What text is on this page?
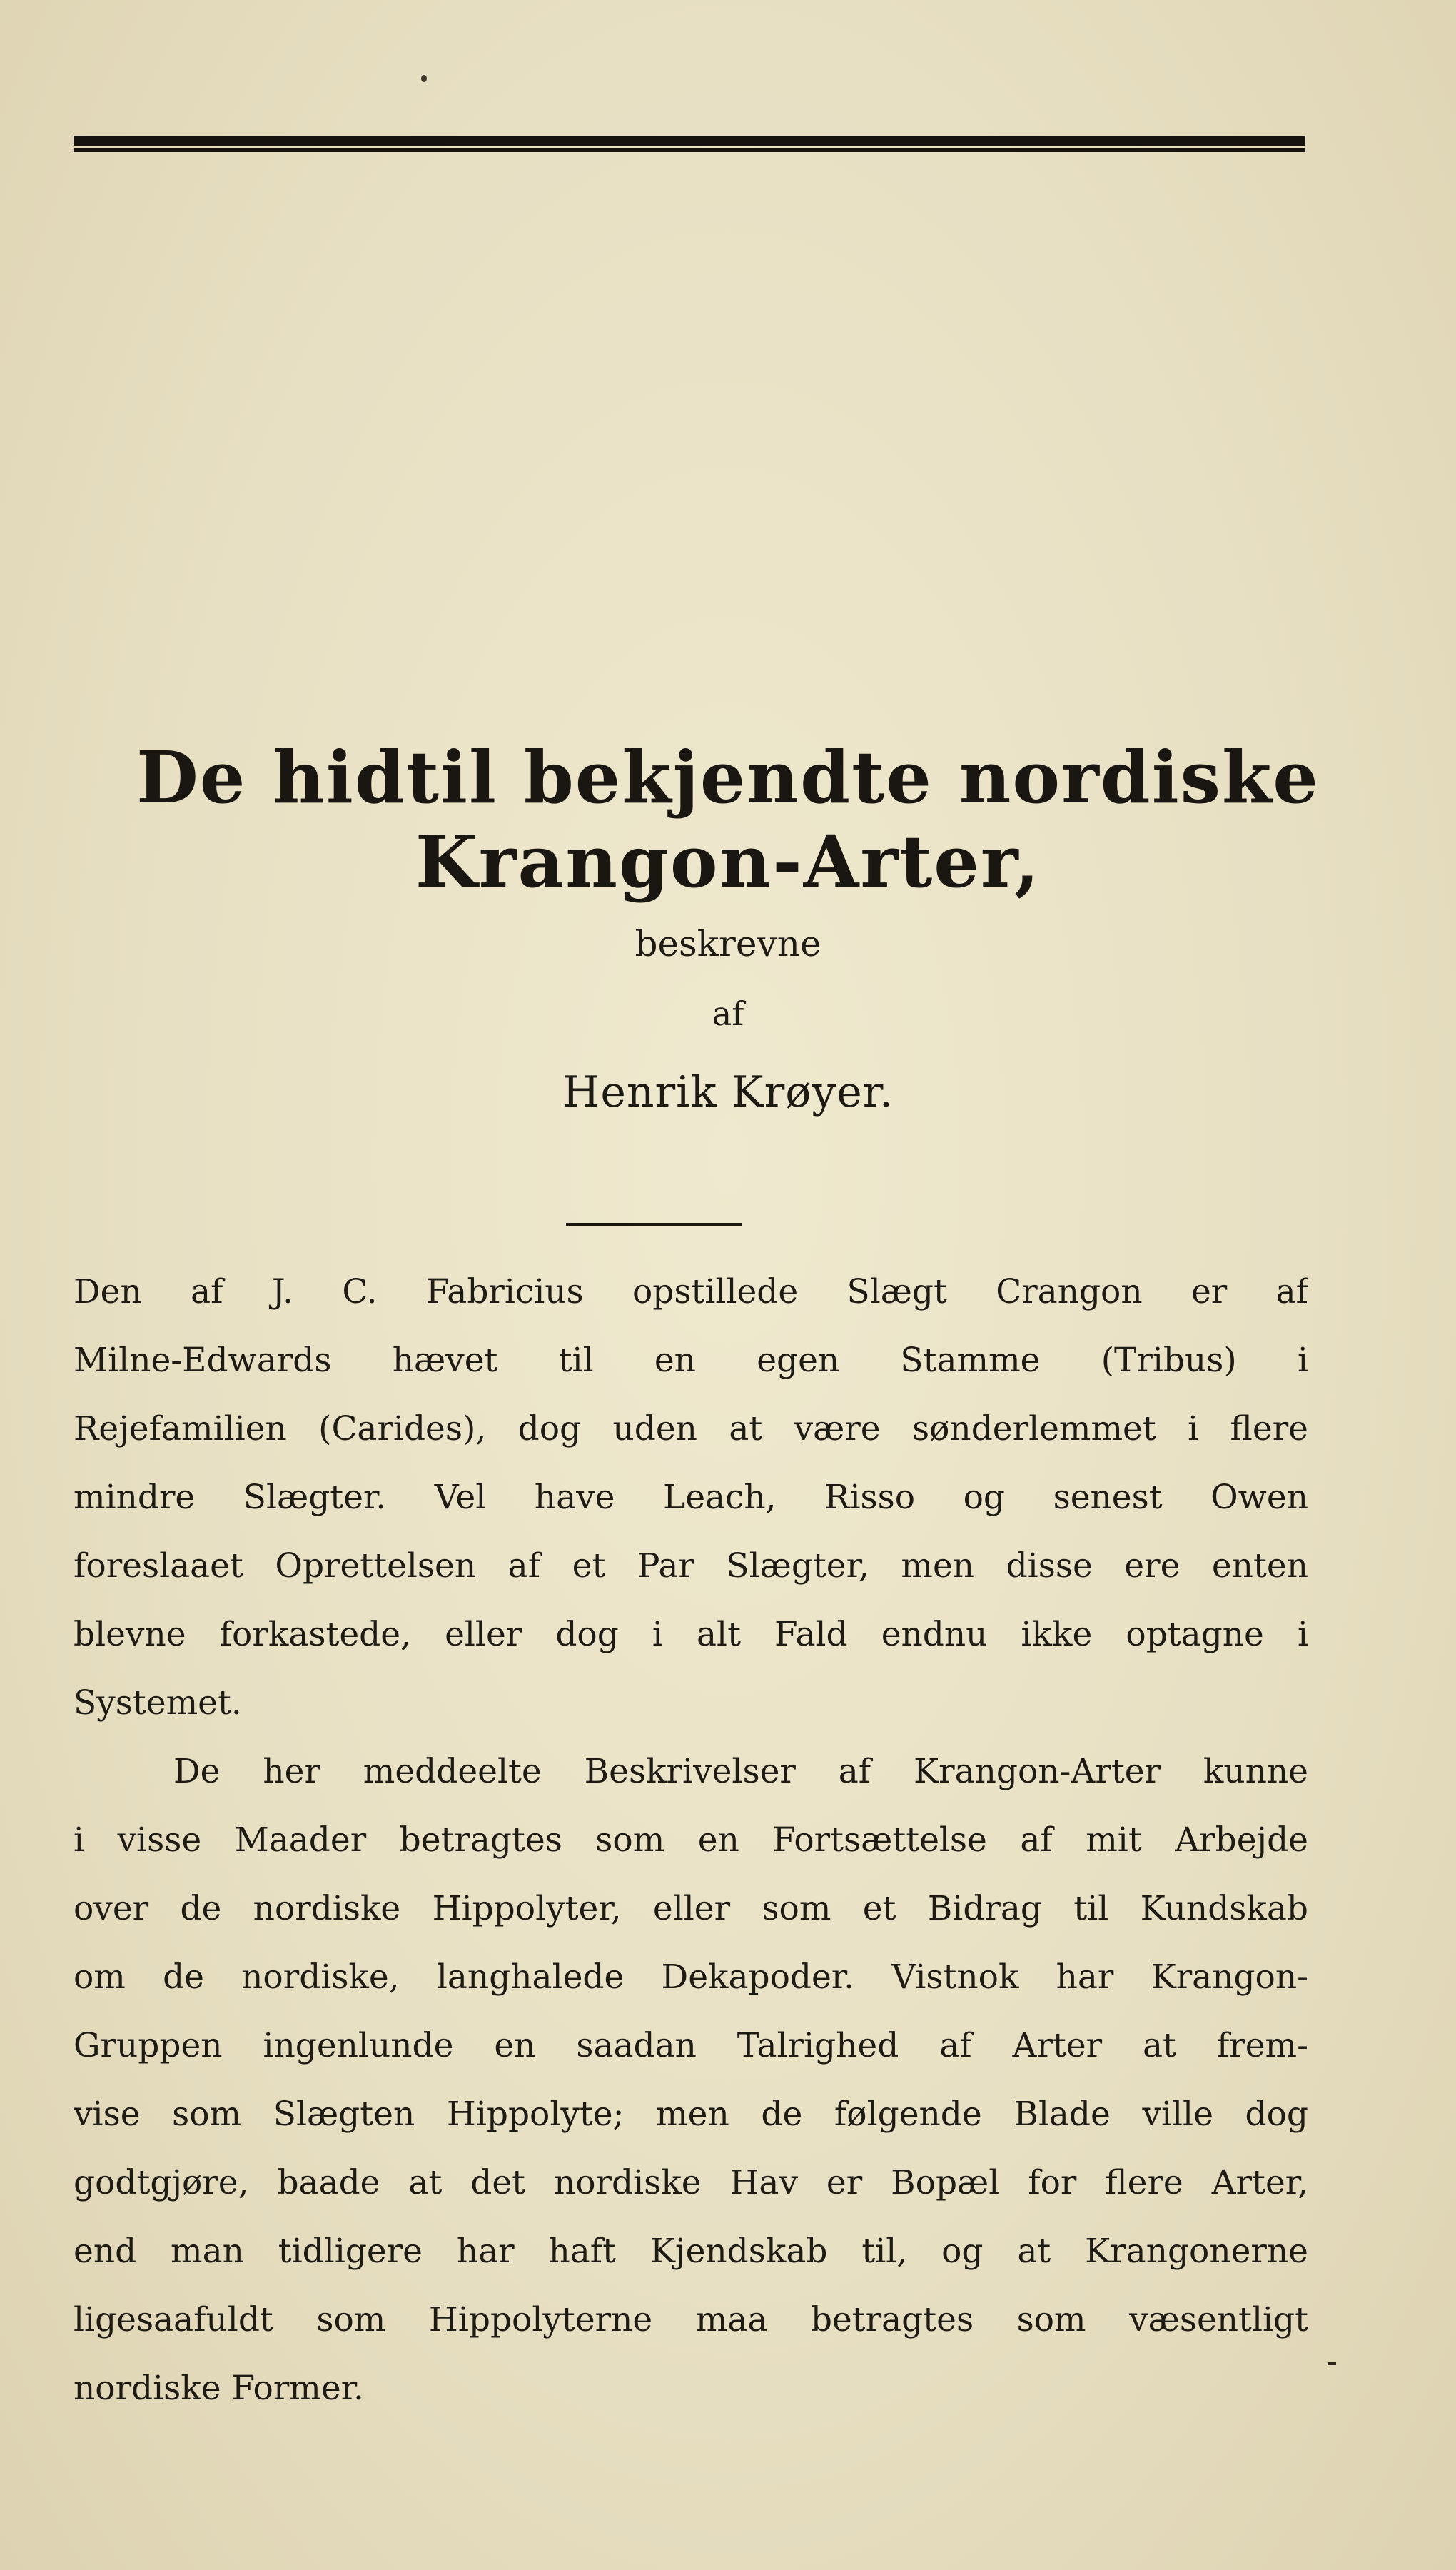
De hidtil bekjendte nordiske
Krangon-Arter,
beskrevne
af
Henrik Krøyer.
Den af J. C. Fabricius opstillede Slægt Crangon er af
Milne-Edwards hævet til en egen Stamme (Tribus) i
Rejefamilien (Carides), dog uden at være sønderlemmet i flere
mindre Slægter. Vel have Leach, Risso og senest Owen
foreslaaet Oprettelsen af et Par Slægter, men disse ere enten
blevne forkastede, eller dog i alt Fald endnu ikke optagne i
Systemet.
De her meddeelte Beskrivelser af Krangon-Arter kunne
i visse Maader betragtes som en Fortsættelse af mit Arbejde
over de nordiske Hippolyter, eller som et Bidrag til Kundskab
om de nordiske, langhalede Dekapoder. Vistnok har Krangon-
Gruppen ingenlunde en saadan Talrighed af Arter at frem-
vise som Slægten Hippolyte; men de følgende Blade ville dog
godtgjøre, baade at det nordiske Hav er Bopæl for flere Arter,
end man tidligere har haft Kjendskab til, og at Krangonerne
ligesaafuldt som Hippolyterne maa betragtes som væsentligt
nordiske Former.
